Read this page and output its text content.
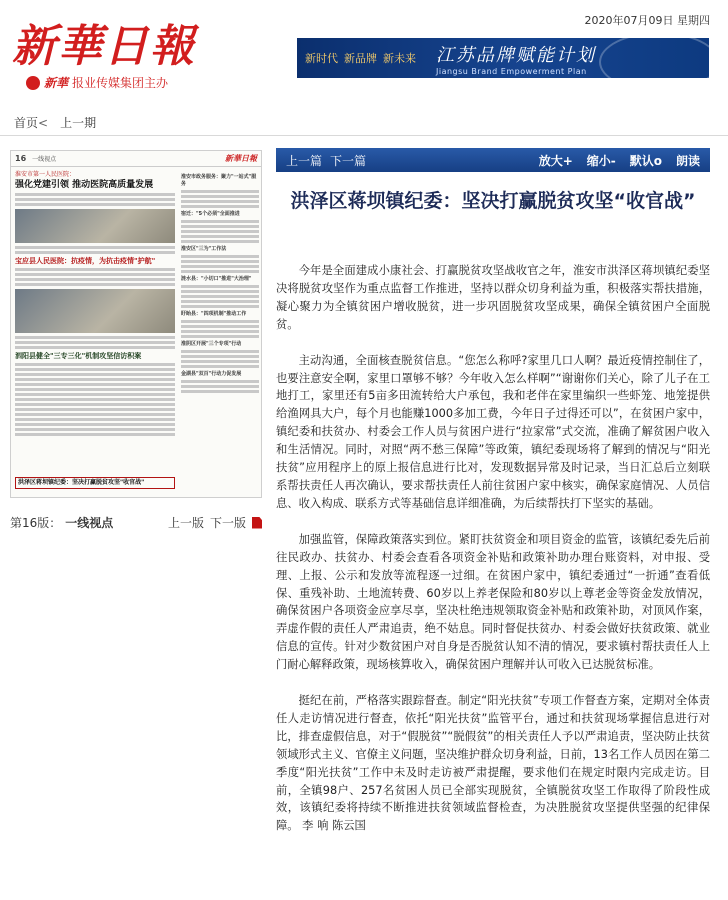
新華日報
新華 报业传媒集团主办
2020年07月09日 星期四
新时代 新品牌 新未来 江苏品牌赋能计划
Jiangsu Brand Empowerment Plan
首页 < 上一期
16 一线视点	新華日報
淮安市第一人民医院：
强化党建引领 推动医院高质量发展
宝应县人民医院：抗疫情，为抗击疫情"护航"
泗阳县健全"三专三化"机制攻坚信访积案
淮安市政务服务：聚力"一站式"服务
宿迁："5个必须"全面推进
淮安区"三为"工作法
涟水县："小切口"推进"大治理"
盱眙县："四项机制"推动工作
淮阴区开展"三个专项"行动
金湖县"双百"行动力促发展
洪泽区蒋坝镇纪委：坚决打赢脱贫攻坚"收官战"
第16版： 一线视点	上一版 下一版
上一篇 下一篇	放大+ 缩小- 默认o 朗读
洪泽区蒋坝镇纪委：坚决打赢脱贫攻坚“收官战”

今年是全面建成小康社会、打赢脱贫攻坚战收官之年，淮安市洪泽区蒋坝镇纪委坚决将脱贫攻坚作为重点监督工作推进，坚持以群众切身利益为重，积极落实帮扶措施，凝心聚力为全镇贫困户增收脱贫，进一步巩固脱贫攻坚成果，确保全镇贫困户全面脱贫。

主动沟通，全面核查脱贫信息。“您怎么称呼?家里几口人啊？最近疫情控制住了，也要注意安全啊，家里口罩够不够？今年收入怎么样啊”“谢谢你们关心，除了儿子在工地打工，家里还有5亩多田流转给大户承包，我和老伴在家里编织一些虾笼、地笼提供给渔网具大户，每个月也能赚1000多加工费，今年日子过得还可以”，在贫困户家中，镇纪委和扶贫办、村委会工作人员与贫困户进行“拉家常”式交流，准确了解贫困户收入和生活情况。同时，对照“两不愁三保障”等政策，镇纪委现场将了解到的情况与“阳光扶贫”应用程序上的原上报信息进行比对，发现数据异常及时记录，当日汇总后立刻联系帮扶责任人再次确认，要求帮扶责任人前往贫困户家中核实，确保家庭情况、人员信息、收入构成、联系方式等基础信息详细准确，为后续帮扶打下坚实的基础。

加强监管，保障政策落实到位。紧盯扶贫资金和项目资金的监管，该镇纪委先后前往民政办、扶贫办、村委会查看各项资金补贴和政策补助办理台账资料，对申报、受理、上报、公示和发放等流程逐一过细。在贫困户家中，镇纪委通过“一折通”查看低保、重残补助、土地流转费、60岁以上养老保险和80岁以上尊老金等资金发放情况，确保贫困户各项资金应享尽享，坚决杜绝违规领取资金补贴和政策补助，对顶风作案，弄虚作假的责任人严肃追责，绝不姑息。同时督促扶贫办、村委会做好扶贫政策、就业信息的宣传。针对少数贫困户对自身是否脱贫认知不清的情况，要求镇村帮扶责任人上门耐心解释政策，现场核算收入，确保贫困户理解并认可收入已达脱贫标准。

挺纪在前，严格落实跟踪督查。制定“阳光扶贫”专项工作督查方案，定期对全体责任人走访情况进行督查，依托“阳光扶贫”监管平台，通过和扶贫现场掌握信息进行对比，排查虚假信息，对于“假脱贫”“脱假贫”的相关责任人予以严肃追责，坚决防止扶贫领域形式主义、官僚主义问题，坚决维护群众切身利益，日前，13名工作人员因在第二季度“阳光扶贫”工作中未及时走访被严肃提醒，要求他们在规定时限内完成走访。目前，全镇98户、257名贫困人员已全部实现脱贫，全镇脱贫攻坚工作取得了阶段性成效，该镇纪委将持续不断推进扶贫领域监督检查，为决胜脱贫攻坚提供坚强的纪律保障。 李 响 陈云国
